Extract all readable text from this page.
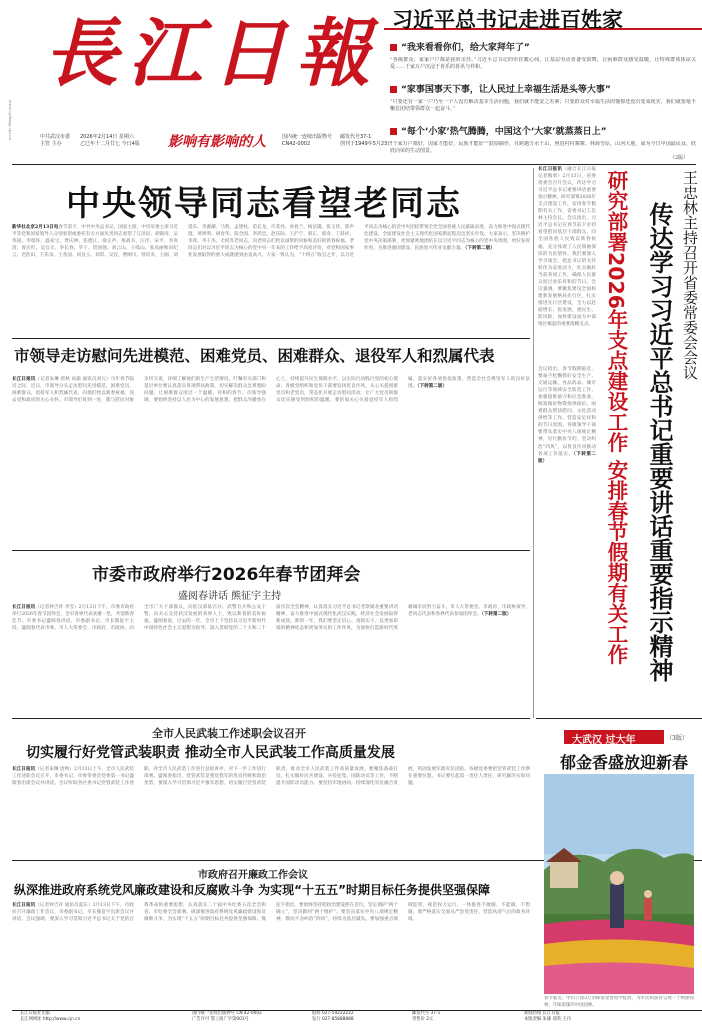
長江日報
www.cjrbapp.cjn.cn	中共武汉市委
主管 主办
2026年2月14日 星期六
乙巳年十二月廿七 今日4版 影响有影响的人	国内统一连续出版物号
CN42-0002
邮发代号37-1
创刊于1949年5月23日
习近平总书记走进百姓家
“我来看看你们，给大家拜年了”
“各级群众、家家户户都是我的亲挂。”习近平总书记的牵挂暖心间，让基层劳动者备受鼓舞，让困难群众感受温暖，让特殊群体体谅关爱……千家万户沉浸于喜乐的喜讯与祥和。
“家事国事天下事，让人民过上幸福生活是头等大事”
“只要还有一家一户乃至一个人没有解决基本生活问题，我们就不能安之若素；只要群众对幸福生活的憧憬还没有变成现实，我们就要毫不懈怠团结带领群众一起奋斗。”
“每个‘小家’热气腾腾，中国这个‘大家’就蒸蒸日上”
“千家万户都好，国家才能好，民族才能好”“鼓励制作，且跨越万水千山，照进村村寨寨、林海雪原，山河大地，成为今日中国最民众、欣欣向荣的生动图景。
（2版）
中央领导同志看望老同志
新华社北京2月13日电春节前夕，中共中央总书记、国家主席、中央军委主席习近平等党和国家领导人分别看望或委托有关方面负责同志看望了江泽民、胡锦涛、吴邦国、李瑞环、温家宝、贾庆林、张德江、俞正声、栗战书、汪洋、宋平、李岚清、曾庆红、吴官正、李长春、罗干、贺国强、刘云山、王岐山、张高丽和田纪云、迟浩田、王乐泉、王兆国、回良玉、刘淇、吴仪、曹刚川、曾培炎、王刚、刘延东、李源潮、马凯、孟建柱、范长龙、许其亮、孙春兰、杨洁篪、张又侠、郭声琨、黄坤明、胡春华、陈全国、李鸿忠、赵乐际、王沪宁、韩正、蔡奇、丁薛祥、李希、李干杰、尤权等老同志，向老同志们致以诚挚的问候和美好的新春祝福。老同志们对以习近平同志为核心的党中央一年来的工作给予高度评价，对党和国家事业发展取得的重大成就感到由衷高兴。大家一致认为，“十四五”收官之年，以习近平同志为核心的党中央团结带领全党全国各族人民砥砺奋进，奋力推进中国式现代化建设，全面建设社会主义现代化国家新征程迈出坚实步伐。大家表示，坚决拥护党中央决策部署，更加紧密地团结在以习近平同志为核心的党中央周围，更好发挥作用，为推进强国建设、民族复兴伟业贡献力量。（下转第二版）
市领导走访慰问先进模范、困难党员、困难群众、退役军人和烈属代表
长江日报讯（记者朱琳 唐秋 高瑜 通讯员刘元）马年春节临近之际，近日，市领导分头走访慰问先进模范、困难党员、困难群众、退役军人和烈属代表，向他们致以新春祝福，送去党和政府的关心关怀。市领导们每到一处，都与慰问对象亲切交谈，详细了解他们的生产生活情况，叮嘱有关部门和基层单位要认真落实各项帮扶政策，切实解决群众急难愁盼问题，让困难群众度过一个温暖、祥和的春节。市领导强调，要始终坚持以人民为中心的发展思想，把群众冷暖放在心上，持续提升民生保障水平，以实际行动践行党的初心使命。各级党组织和党员干部要发扬优良作风，关心关爱困难党员和老党员，常态化开展走访慰问活动，让广大党员和群众切实感受到组织的温暖。要倍加关心关爱退役军人和烈属，落实好各项优抚政策，营造全社会尊崇军人的良好氛围。（下转第二版）
市委市政府举行2026年春节团拜会
盛阅春讲话 熊征宇主持
长江日报讯（记者钟吉祥 李雪）2月13日下午，市委市政府举行2026年春节团拜会，全市各界代表欢聚一堂，共迎新春佳节。市委书记盛阅春讲话，市委副书记、市长熊征宇主持。盛阅春代表市委、市人大常委会、市政府、市政协，向全市广大干部群众，向驻汉部队官兵、武警官兵和公安干警，向关心支持武汉发展的各界人士，致以新春的美好祝福。盛阅春说，过去的一年，全市上下坚持以习近平新时代中国特色社会主义思想为指导，深入贯彻党的二十大和二十届历次全会精神，认真落实习近平总书记考察湖北重要讲话精神，奋力推进中国式现代化武汉实践，经济社会发展取得新成效。新的一年，我们要坚定信心、真抓实干，以更加昂扬的精神状态和更加务实的工作作风，为加快打造新时代英雄城市而努力奋斗。市人大常委会、市政府、市政协领导，老同志代表和各界代表参加团拜会。（下转第二版）
全市人民武装工作述职会议召开
切实履行好党管武装职责 推动全市人民武装工作高质量发展
长江日报讯（记者朱琳 唐秋）2月13日上午，全市人民武装工作述职会议召开，市委书记、市委常委会党委第一书记盛阅春出席会议并讲话。会议听取各区委书记党管武装工作述职，对全市人民武装工作进行总结讲评，对下一步工作进行部署。盛阅春指出，党管武装是我党我军的优良传统和政治优势，要深入学习贯彻习近平强军思想，切实履行党管武装职责，推动全市人民武装工作高质量发展。要聚焦备战打仗，扎实做好民兵建设、兵役征集、国防动员等工作，不断提升国防动员能力。要坚持军地协同，持续深化军民融合发展，巩固发展军政军民团结。各级党委要把党管武装工作摆在重要位置，书记要扛起第一责任人责任，研究解决实际问题。
市政府召开廉政工作会议
纵深推进政府系统党风廉政建设和反腐败斗争 为实现“十五五”时期目标任务提供坚强保障
长江日报讯（记者钟吉祥 通讯员夏东）2月13日下午，市政府召开廉政工作会议，市委副书记、市长熊征宇出席会议并讲话。会议强调，要深入学习贯彻习近平总书记关于党的自我革命的重要思想，认真落实二十届中央纪委五次全会和省、市纪委全会部署，纵深推进政府系统党风廉政建设和反腐败斗争，为实现“十五五”时期目标任务提供坚强保障。熊征宇指出，要始终坚持把政治建设摆在首位，坚定拥护“两个确立”，坚决做到“两个维护”。要坚决落实中央八项规定精神，锲而不舍纠治“四风”，持续为基层减负。要加强重点领域监管，规范权力运行，一体推进不敢腐、不能腐、不想腐。要严格落实全面从严治党责任，营造风清气正的政务环境。
长江日报讯（融合长江日报记者熊勇）2月13日，省委常委会召开会议，传达学习习近平总书记重要讲话重要指示精神，研究部署2026年支点建设工作，安排春节假期有关工作。省委书记王忠林主持会议。会议指出，习近平总书记在春节前夕亲切看望慰问基层干部群众，向全国各族人民致以新春祝福，充分体现了人民领袖深厚的为民情怀。我们要深入学习领会，把总书记的关怀转化为奋进动力，扎实做好当前各项工作，确保人民群众度过欢乐祥和的节日。会议强调，要聚焦建设全国构建新发展格局先行区，扎实推进先行区建设，全力以赴稳增长、促发展、惠民生、防风险，加快建设成为中部地区崛起的重要战略支点。	王忠林主持召开省委常委会会议
传达学习习近平总书记重要讲话重要指示精神
研究部署2026年支点建设工作 安排春节假期有关工作
会议指出，春节假期临近，要毫不松懈抓好安全生产、交通运输、食品药品、城市运行等领域安全防范工作，加强值班值守和应急准备，统筹做好物资保供稳价、困难群众帮扶慰问、文化活动供给等工作，营造安定祥和的节日氛围。各级领导干部要带头落实中央八项规定精神，厉行勤俭节约，坚决纠治“四风”，以优良作风推动各项工作落实。（下转第二版）
大武汉 过大年	（3版）
郁金香盛放迎新春
春节临近，中山公园3万余株郁金香集中绽放，为市民和游客呈现一个绚丽园林，年味浓郁的中国园林。
长江日报社出版
长江网网址 http://www.cjn.cn
国内统一连续出版物号 CN 42-0002
广告许可 鄂工商广字第001号
值班 027-59222222
发行 027-85888888
邮发代号 37-1
零售价 2元
新闻热线 长江日报
本版责编 朱雄 郑英 王丹
